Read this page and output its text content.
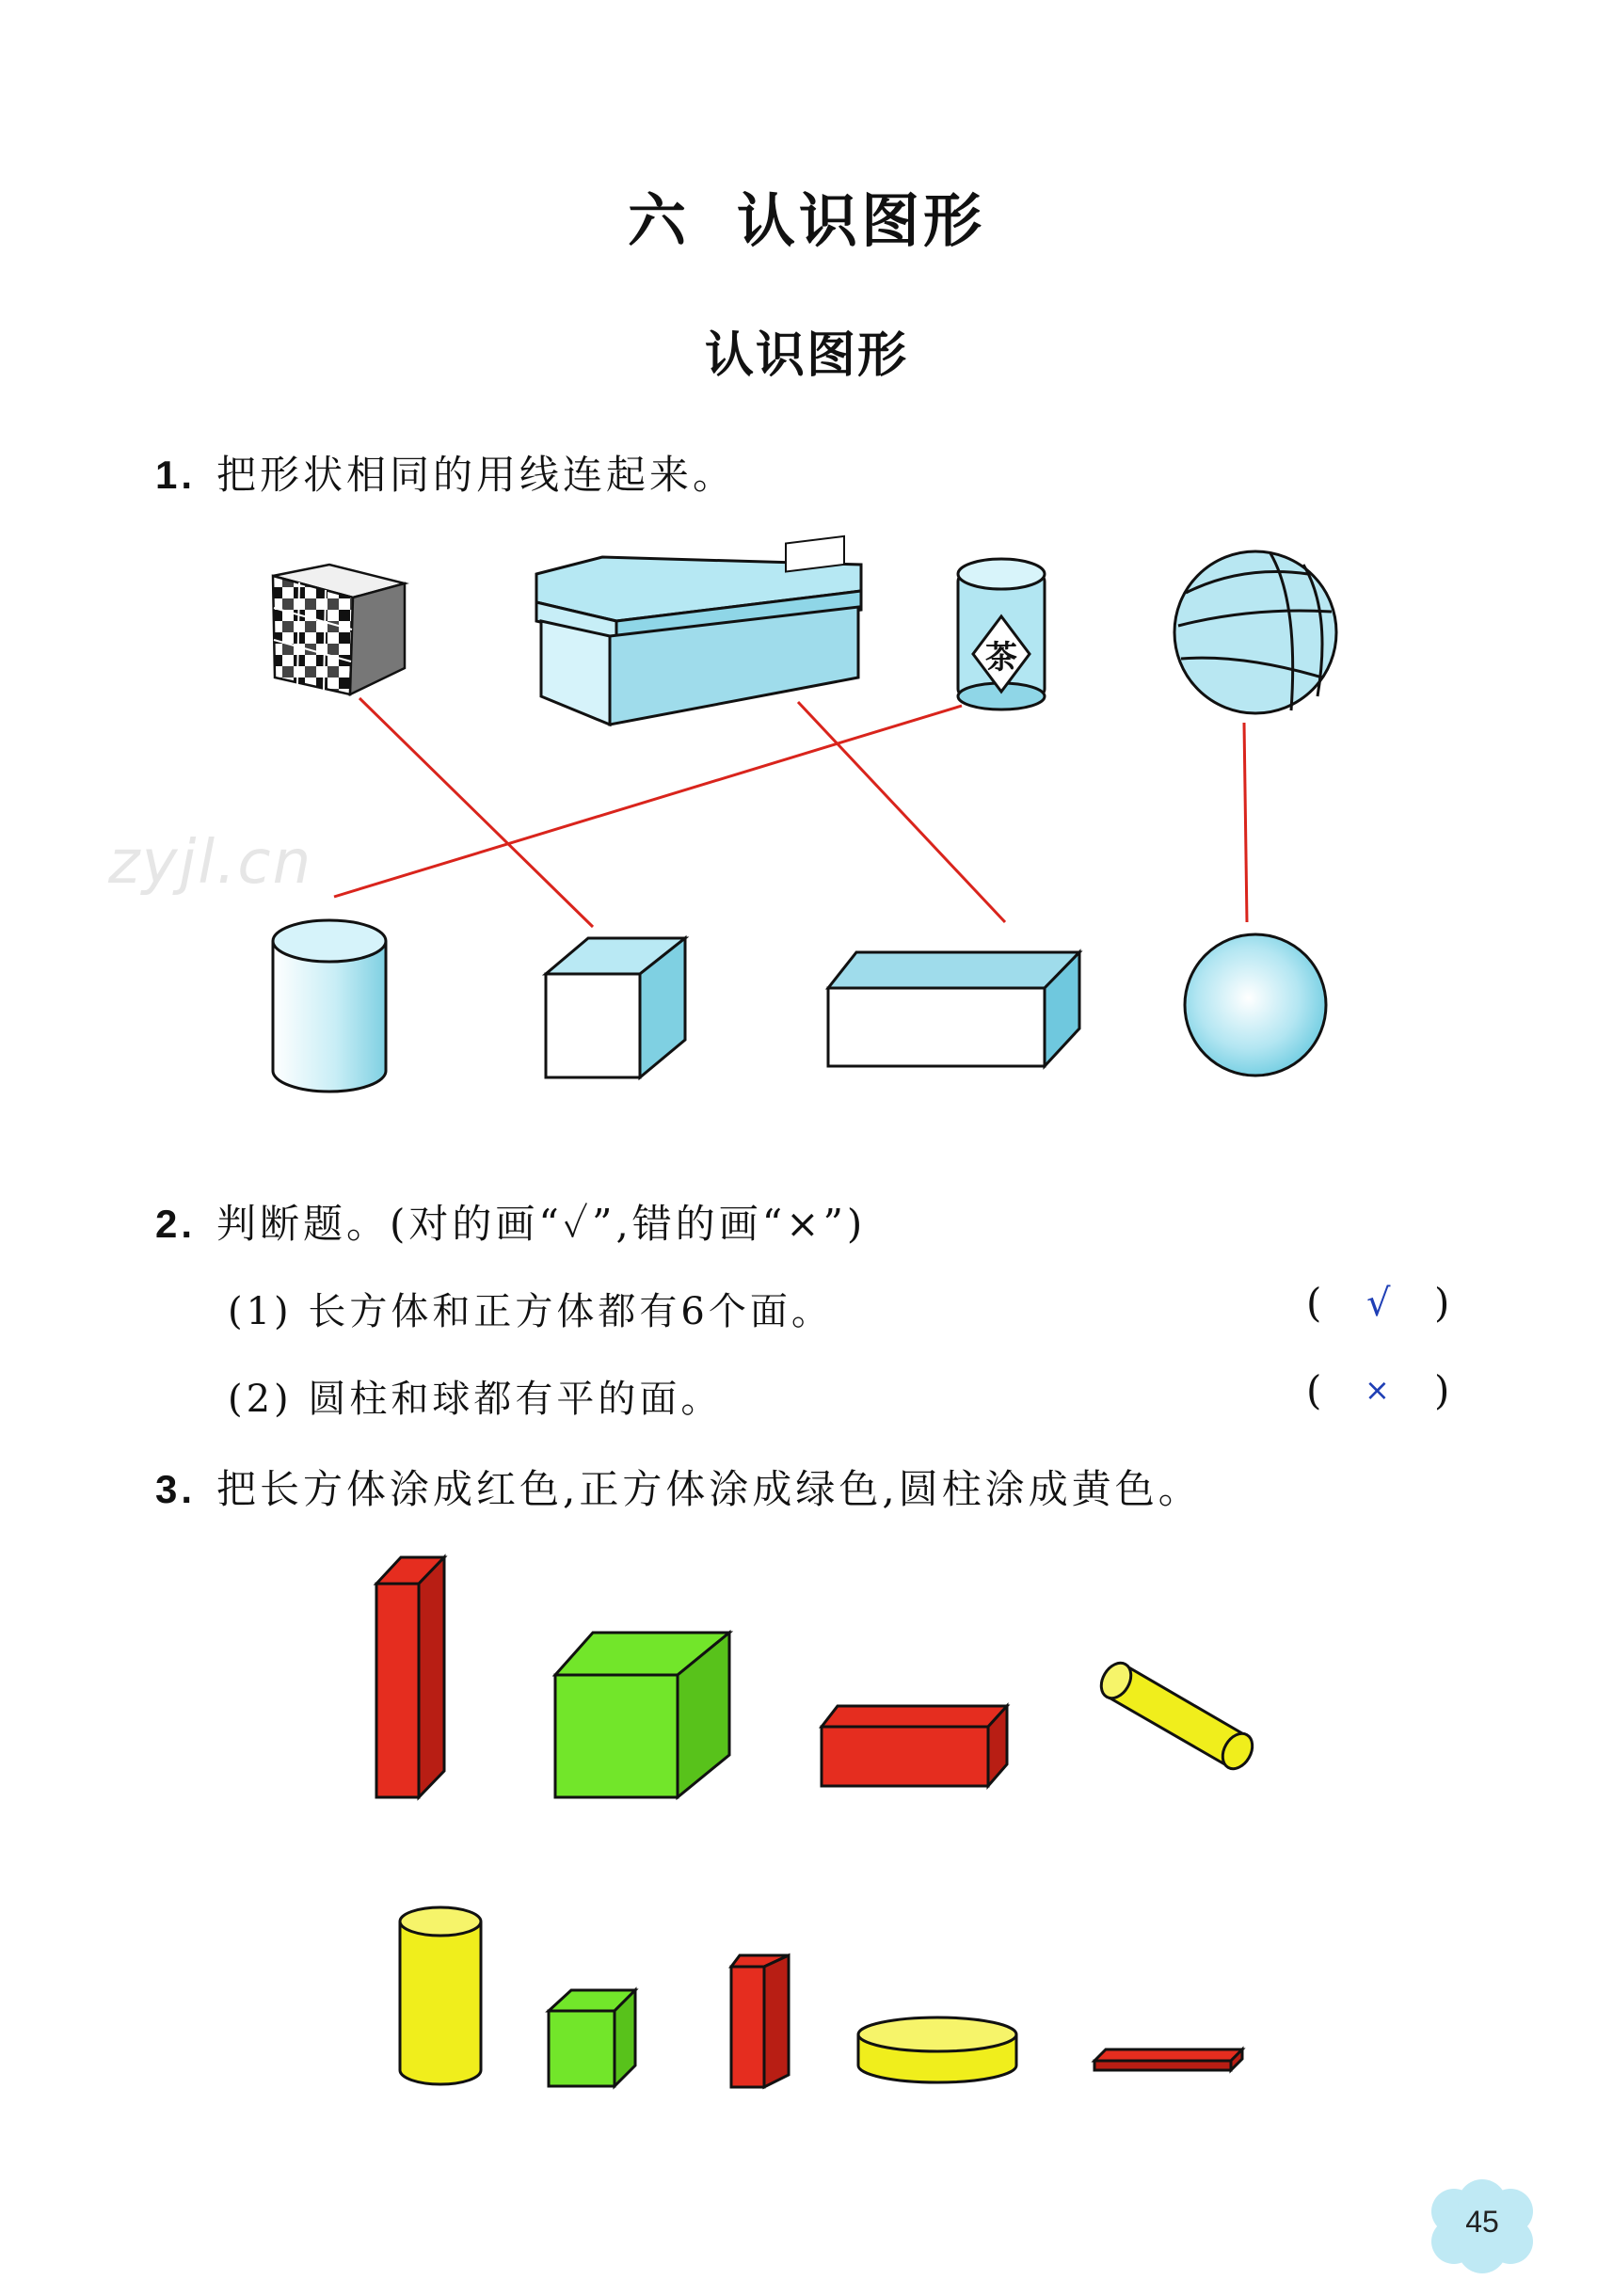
zyjl.cn
六 认识图形
认识图形
1. 把形状相同的用线连起来。
茶
2. 判断题。(对的画“✓”,错的画“×”)
(1) 长方体和正方体都有6个面。	( √ )
(2) 圆柱和球都有平的面。	( × )
3. 把长方体涂成红色,正方体涂成绿色,圆柱涂成黄色。
45
